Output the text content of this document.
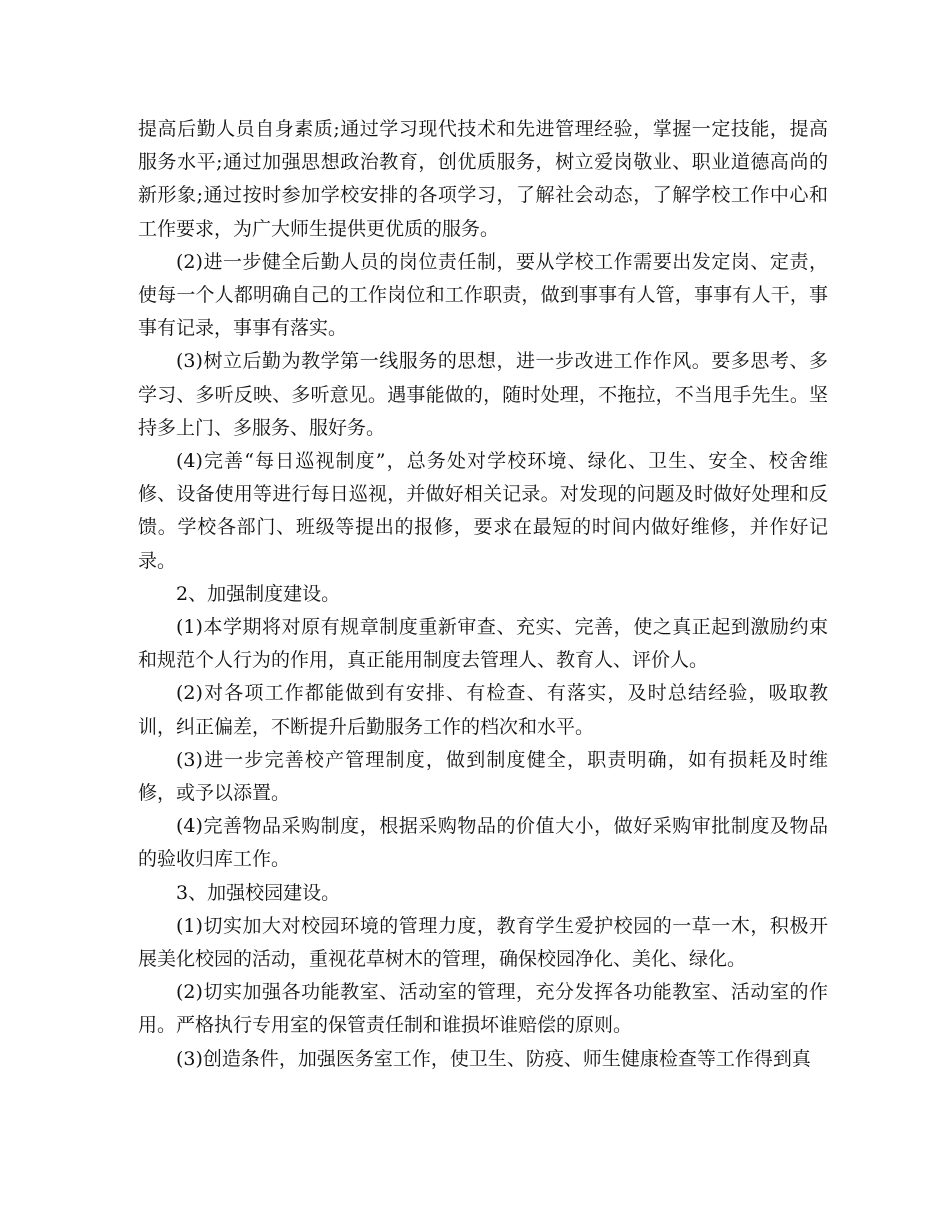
提高后勤人员自身素质;通过学习现代技术和先进管理经验，掌握一定技能，提高服务水平;通过加强思想政治教育，创优质服务，树立爱岗敬业、职业道德高尚的新形象;通过按时参加学校安排的各项学习，了解社会动态，了解学校工作中心和工作要求，为广大师生提供更优质的服务。

(2)进一步健全后勤人员的岗位责任制，要从学校工作需要出发定岗、定责，使每一个人都明确自己的工作岗位和工作职责，做到事事有人管，事事有人干，事事有记录，事事有落实。

(3)树立后勤为教学第一线服务的思想，进一步改进工作作风。要多思考、多学习、多听反映、多听意见。遇事能做的，随时处理，不拖拉，不当甩手先生。坚持多上门、多服务、服好务。

(4)完善“每日巡视制度”，总务处对学校环境、绿化、卫生、安全、校舍维修、设备使用等进行每日巡视，并做好相关记录。对发现的问题及时做好处理和反馈。学校各部门、班级等提出的报修，要求在最短的时间内做好维修，并作好记录。

2、加强制度建设。

(1)本学期将对原有规章制度重新审查、充实、完善，使之真正起到激励约束和规范个人行为的作用，真正能用制度去管理人、教育人、评价人。

(2)对各项工作都能做到有安排、有检查、有落实，及时总结经验，吸取教训，纠正偏差，不断提升后勤服务工作的档次和水平。

(3)进一步完善校产管理制度，做到制度健全，职责明确，如有损耗及时维修，或予以添置。

(4)完善物品采购制度，根据采购物品的价值大小，做好采购审批制度及物品的验收归库工作。

3、加强校园建设。

(1)切实加大对校园环境的管理力度，教育学生爱护校园的一草一木，积极开展美化校园的活动，重视花草树木的管理，确保校园净化、美化、绿化。

(2)切实加强各功能教室、活动室的管理，充分发挥各功能教室、活动室的作用。严格执行专用室的保管责任制和谁损坏谁赔偿的原则。

(3)创造条件，加强医务室工作，使卫生、防疫、师生健康检查等工作得到真
